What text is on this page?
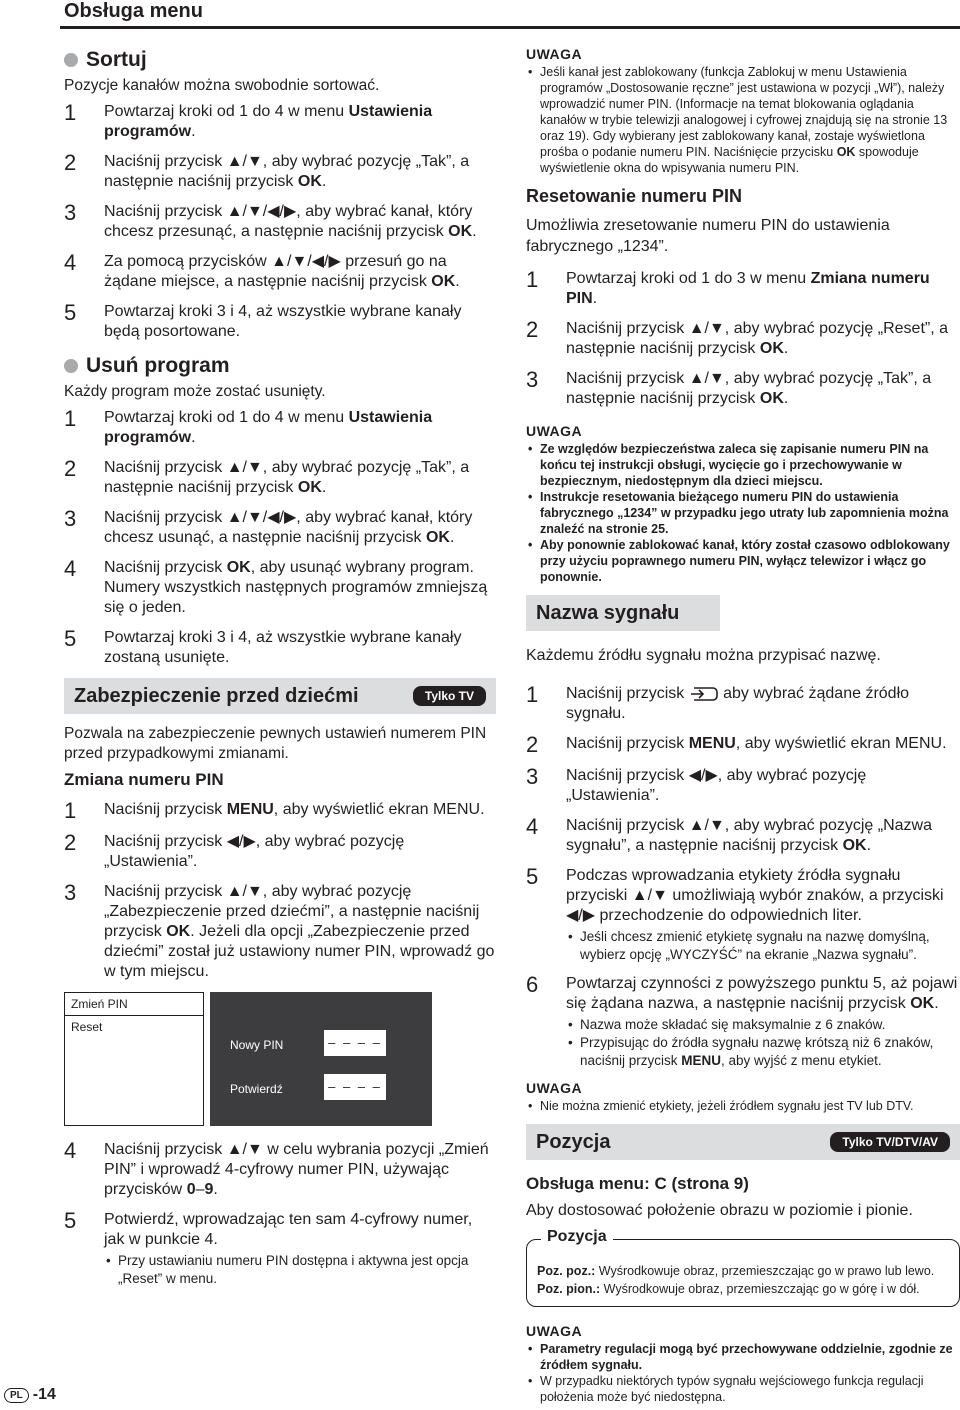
Obsługa menu
Sortuj
Pozycje kanałów można swobodnie sortować.
1	Powtarzaj kroki od 1 do 4 w menu Ustawienia programów.
2	Naciśnij przycisk ▲/▼, aby wybrać pozycję „Tak”, a następnie naciśnij przycisk OK.
3	Naciśnij przycisk ▲/▼/◀/▶, aby wybrać kanał, który chcesz przesunąć, a następnie naciśnij przycisk OK.
4	Za pomocą przycisków ▲/▼/◀/▶ przesuń go na żądane miejsce, a następnie naciśnij przycisk OK.
5	Powtarzaj kroki 3 i 4, aż wszystkie wybrane kanały będą posortowane.
Usuń program
Każdy program może zostać usunięty.
1	Powtarzaj kroki od 1 do 4 w menu Ustawienia programów.
2	Naciśnij przycisk ▲/▼, aby wybrać pozycję „Tak”, a następnie naciśnij przycisk OK.
3	Naciśnij przycisk ▲/▼/◀/▶, aby wybrać kanał, który chcesz usunąć, a następnie naciśnij przycisk OK.
4	Naciśnij przycisk OK, aby usunąć wybrany program. Numery wszystkich następnych programów zmniejszą się o jeden.
5	Powtarzaj kroki 3 i 4, aż wszystkie wybrane kanały zostaną usunięte.
Zabezpieczenie przed dziećmi	Tylko TV
Pozwala na zabezpieczenie pewnych ustawień numerem PIN przed przypadkowymi zmianami.
Zmiana numeru PIN
1	Naciśnij przycisk MENU, aby wyświetlić ekran MENU.
2	Naciśnij przycisk ◀/▶, aby wybrać pozycję „Ustawienia”.
3	Naciśnij przycisk ▲/▼, aby wybrać pozycję „Zabezpieczenie przed dziećmi”, a następnie naciśnij przycisk OK. Jeżeli dla opcji „Zabezpieczenie przed dziećmi” został już ustawiony numer PIN, wprowadź go w tym miejscu.
Zmień PIN
Reset
Nowy PIN	– – – –
Potwierdź	– – – –
4	Naciśnij przycisk ▲/▼ w celu wybrania pozycji „Zmień PIN” i wprowadź 4-cyfrowy numer PIN, używając przycisków 0–9.
5	Potwierdź, wprowadzając ten sam 4-cyfrowy numer, jak w punkcie 4.
• Przy ustawianiu numeru PIN dostępna i aktywna jest opcja „Reset” w menu.
UWAGA
• Jeśli kanał jest zablokowany (funkcja Zablokuj w menu Ustawienia programów „Dostosowanie ręczne” jest ustawiona w pozycji „Wł”), należy wprowadzić numer PIN. (Informacje na temat blokowania oglądania kanałów w trybie telewizji analogowej i cyfrowej znajdują się na stronie 13 oraz 19). Gdy wybierany jest zablokowany kanał, zostaje wyświetlona prośba o podanie numeru PIN. Naciśnięcie przycisku OK spowoduje wyświetlenie okna do wpisywania numeru PIN.
Resetowanie numeru PIN
Umożliwia zresetowanie numeru PIN do ustawienia fabrycznego „1234”.
1	Powtarzaj kroki od 1 do 3 w menu Zmiana numeru PIN.
2	Naciśnij przycisk ▲/▼, aby wybrać pozycję „Reset”, a następnie naciśnij przycisk OK.
3	Naciśnij przycisk ▲/▼, aby wybrać pozycję „Tak”, a następnie naciśnij przycisk OK.
UWAGA
• Ze względów bezpieczeństwa zaleca się zapisanie numeru PIN na końcu tej instrukcji obsługi, wycięcie go i przechowywanie w bezpiecznym, niedostępnym dla dzieci miejscu.
• Instrukcje resetowania bieżącego numeru PIN do ustawienia fabrycznego „1234” w przypadku jego utraty lub zapomnienia można znaleźć na stronie 25.
• Aby ponownie zablokować kanał, który został czasowo odblokowany przy użyciu poprawnego numeru PIN, wyłącz telewizor i włącz go ponownie.
Nazwa sygnału
Każdemu źródłu sygnału można przypisać nazwę.
1	Naciśnij przycisk  aby wybrać żądane źródło sygnału.
2	Naciśnij przycisk MENU, aby wyświetlić ekran MENU.
3	Naciśnij przycisk ◀/▶, aby wybrać pozycję „Ustawienia”.
4	Naciśnij przycisk ▲/▼, aby wybrać pozycję „Nazwa sygnału”, a następnie naciśnij przycisk OK.
5	Podczas wprowadzania etykiety źródła sygnału przyciski ▲/▼ umożliwiają wybór znaków, a przyciski ◀/▶ przechodzenie do odpowiednich liter.
• Jeśli chcesz zmienić etykietę sygnału na nazwę domyślną, wybierz opcję „WYCZYŚĆ” na ekranie „Nazwa sygnału”.
6	Powtarzaj czynności z powyższego punktu 5, aż pojawi się żądana nazwa, a następnie naciśnij przycisk OK.
• Nazwa może składać się maksymalnie z 6 znaków.
• Przypisując do źródła sygnału nazwę krótszą niż 6 znaków, naciśnij przycisk MENU, aby wyjść z menu etykiet.
UWAGA
• Nie można zmienić etykiety, jeżeli źródłem sygnału jest TV lub DTV.
Pozycja	Tylko TV/DTV/AV
Obsługa menu: C (strona 9)
Aby dostosować położenie obrazu w poziomie i pionie.
Pozycja
Poz. poz.: Wyśrodkowuje obraz, przemieszczając go w prawo lub lewo.
Poz. pion.: Wyśrodkowuje obraz, przemieszczając go w górę i w dół.
UWAGA
• Parametry regulacji mogą być przechowywane oddzielnie, zgodnie ze źródłem sygnału.
• W przypadku niektórych typów sygnału wejściowego funkcja regulacji położenia może być niedostępna.
PL -14
